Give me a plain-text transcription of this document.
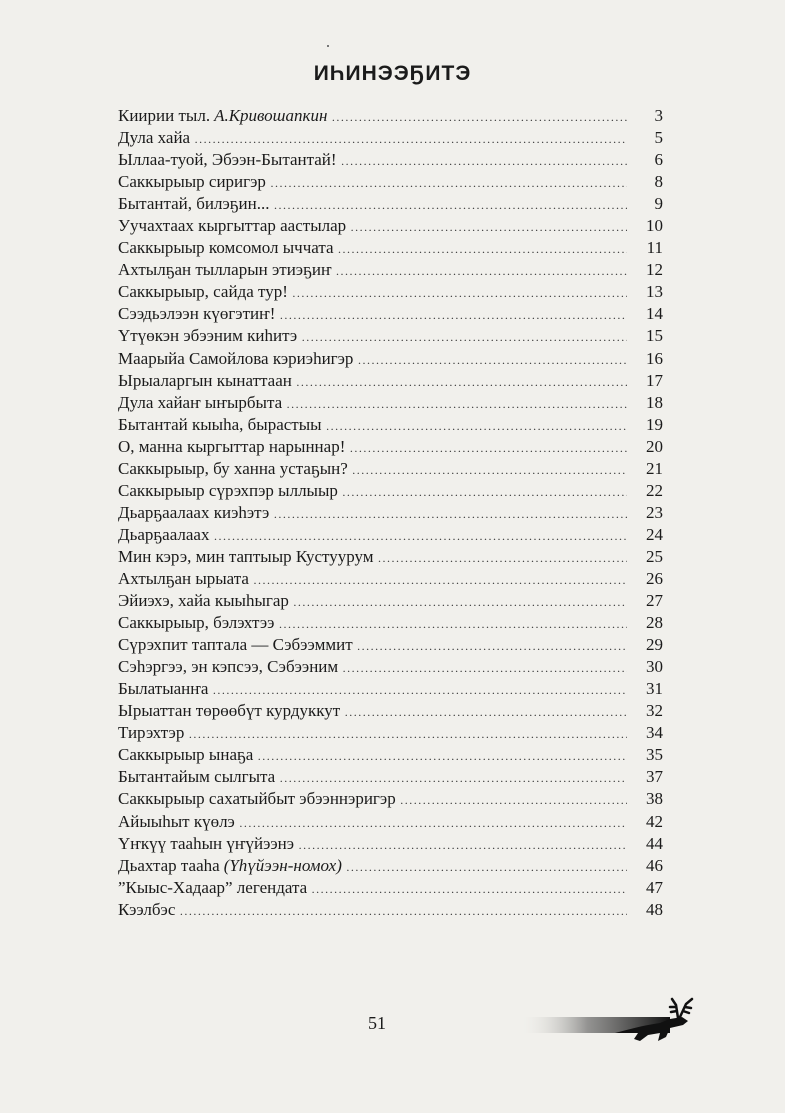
ИҺИНЭЭҔИТЭ
Киирии тыл. А.Кривошапкин .....	3
Дула хайа .....	5
Ыллаа-туой, Эбээн-Бытантай! .....	6
Саккырыыр сиригэр .....	8
Бытантай, билэҕин... .....	9
Уучахтаах кыргыттар аастылар .....	10
Саккырыыр комсомол ыччата .....	11
Ахтылҕан тылларын этиэҕиҥ .....	12
Саккырыыр, сайда тур! .....	13
Сээдьэлээн күөгэтиҥ! .....	14
Үтүөкэн эбээним киһитэ .....	15
Маарыйа Самойлова кэриэһигэр .....	16
Ырыаларгын кынаттаан .....	17
Дула хайаҥ ыҥырбыта .....	18
Бытантай кыыһа, бырастыы .....	19
О, манна кыргыттар нарыннар! .....	20
Саккырыыр, бу ханна устаҕын? .....	21
Саккырыыр сүрэхпэр ыллыыр .....	22
Дьарҕаалаах киэһэтэ .....	23
Дьарҕаалаах .....	24
Мин кэрэ, мин таптыыр Кустуурум .....	25
Ахтылҕан ырыата .....	26
Эйиэхэ, хайа кыыһыгар .....	27
Саккырыыр, бэлэхтээ .....	28
Сүрэхпит таптала — Сэбээммит .....	29
Сэһэргээ, эн кэпсээ, Сэбээним .....	30
Былатыанҥа .....	31
Ырыаттан төрөөбүт курдуккут .....	32
Тирэхтэр .....	34
Саккырыыр ынаҕа .....	35
Бытантайым сылгыта .....	37
Саккырыыр сахатыйбыт эбээннэригэр .....	38
Айыыһыт күөлэ .....	42
Үҥкүү тааһын үҥүйээнэ .....	44
Дьахтар тааһа (Үһүйээн-номох) .....	46
”Кыыс-Хадаар” легендата .....	47
Кээлбэс .....	48
51
